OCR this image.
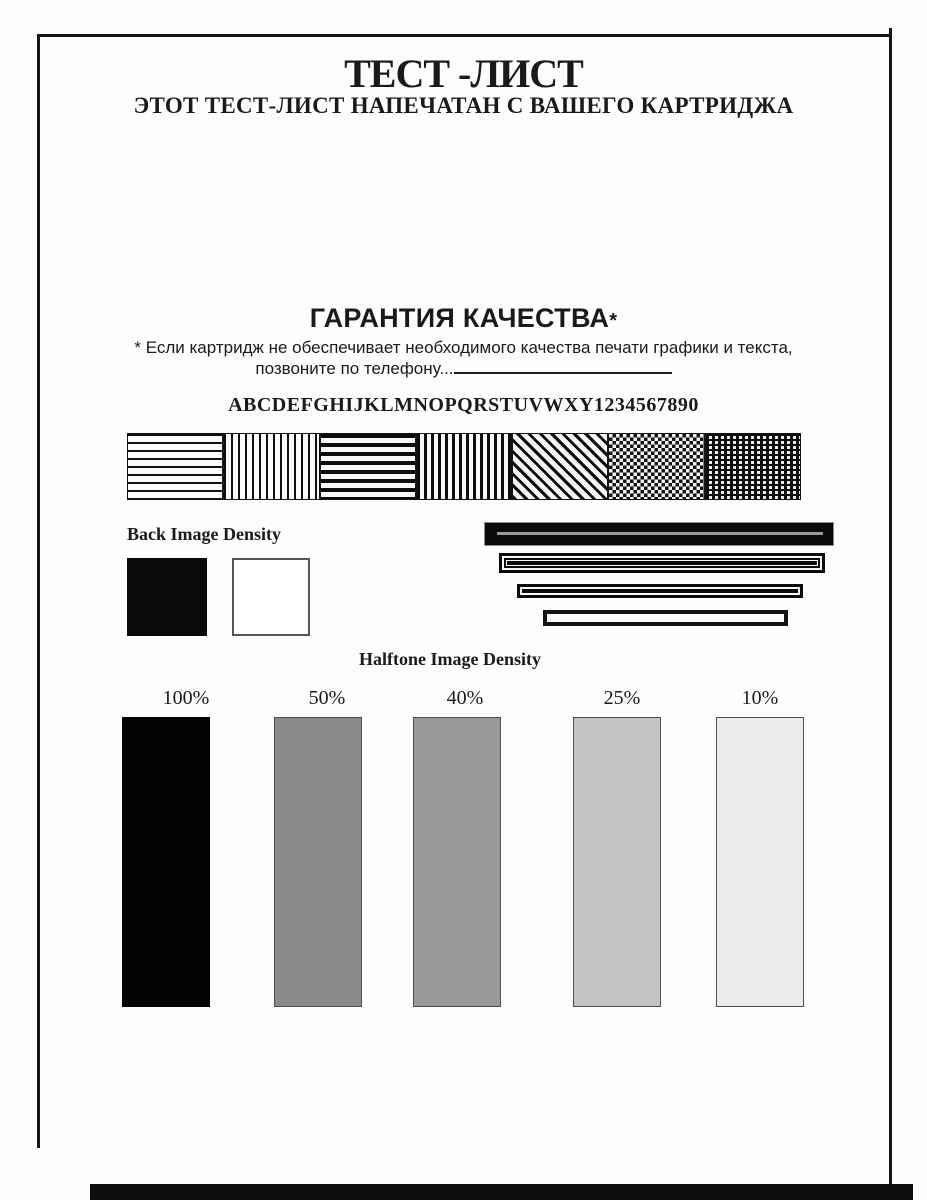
ТЕСТ -ЛИСТ
ЭТОТ ТЕСТ-ЛИСТ НАПЕЧАТАН С ВАШЕГО КАРТРИДЖА
ГАРАНТИЯ КАЧЕСТВА*
* Если картридж не обеспечивает необходимого качества печати графики и текста,
позвоните по телефону...
ABCDEFGHIJKLMNOPQRSTUVWXY1234567890
Back Image Density
Halftone Image Density
100%	50%	40%	25%	10%
